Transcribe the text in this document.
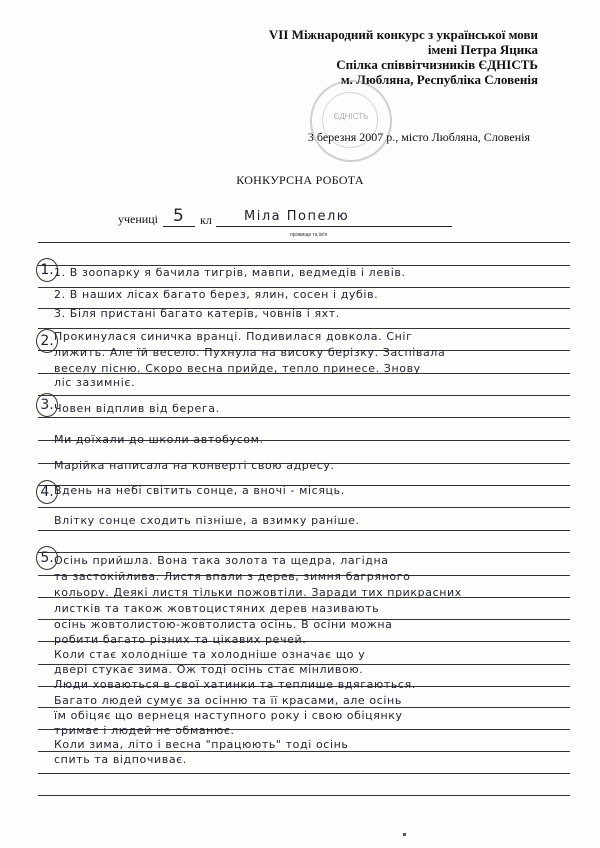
VII Міжнародний конкурс з української мови
імені Петра Яцика
Спілка співвітчизників ЄДНІСТЬ
м. Любляна, Республіка Словенія
ЄДНІСТЬ
3 березня 2007 р., місто Любляна, Словенія
КОНКУРСНА РОБОТА
учениці 5 кл Міла Попелю
прізвище та ім'я
1. 1. В зоопарку я бачила тигрів, мавпи, ведмедів і левів.
2. В наших лісах багато берез, ялин, сосен і дубів.
3. Біля пристані багато катерів, човнів і яхт.
2. Прокинулася синичка вранці. Подивилася довкола. Сніг
лижить. Але їй весело. Пухнула на високу берізку. Заспівала
веселу пісню. Скоро весна прийде, тепло принесе. Знову
ліс зазимніє.
3. Човен відплив від берега.
Ми доїхали до школи автобусом.
Марійка написала на конверті свою адресу.
4. Вдень на небі світить сонце, а вночі - місяць.
Влітку сонце сходить пізніше, а взимку раніше.
5. Осінь прийшла. Вона така золота та щедра, лагідна
та застокійлива. Листя впали з дерев, зимня багряного
кольору. Деякі листя тільки пожовтіли. Заради тих прикрасних
листків та також жовтоцистяних дерев називають
осінь жовтолистою-жовтолиста осінь. В осіни можна
робити багато різних та цікавих речей.
Коли стає холодніше та холодніше означає що у
двері стукає зима. Ож тоді осінь стає мінливою.
Люди ховаються в свої хатинки та теплише вдягаються.
Багато людей сумує за осінню та її красами, але осінь
їм обіцяє що вернеця наступного року і свою обіцянку
тримає і людей не обманює.
Коли зима, літо і весна "працюють" тоді осінь
спить та відпочиває.
